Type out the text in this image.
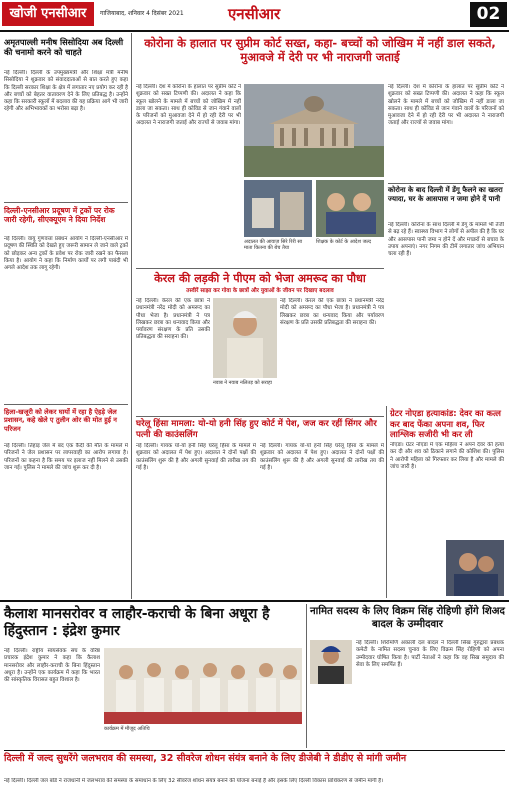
खोजी एनसीआर	गाजियाबाद, शनिवार 4 दिसंबर 2021	एनसीआर	02
अमृतपाल्ली मनीष सिसोदिया अब दिल्ली की चनामो करने को चाहते
नई दिल्ली। दिल्ली के उपमुख्यमंत्री और शिक्षा मंत्री मनीष सिसोदिया ने शुक्रवार को संवाददाताओं से बात करते हुए कहा कि दिल्ली सरकार शिक्षा के क्षेत्र में लगातार नए प्रयोग कर रही है और बच्चों को बेहतर वातावरण देने के लिए प्रतिबद्ध है। उन्होंने कहा कि सरकारी स्कूलों में बदलाव की यह प्रक्रिया आगे भी जारी रहेगी और अभिभावकों का भरोसा बढ़ा है।
दिल्ली-एनसीआर प्रदूषण में ट्रकों पर रोक जारी रहेगी, सीएक्यूएम ने दिया निर्देश
नई दिल्ली। वायु गुणवत्ता प्रबंधन आयोग ने दिल्ली-एनसीआर में प्रदूषण की स्थिति को देखते हुए जरूरी सामान ले जाने वाले ट्रकों को छोड़कर अन्य ट्रकों के प्रवेश पर रोक जारी रखने का फैसला किया है। आयोग ने कहा कि निर्माण कार्यों पर लगी पाबंदी भी अगले आदेश तक लागू रहेगी।
हिला-खजूरी को लेकर घायों में रहा है ऐहड़े जेल प्रशासन, कहे खेले ए तुलीन ओर की मोत हुई न परिजन
नई दिल्ली। तिहाड़ जेल में बंद एक कैदी की मौत के मामले में परिजनों ने जेल प्रशासन पर लापरवाही का आरोप लगाया है। परिजनों का कहना है कि समय पर इलाज नहीं मिलने से उसकी जान गई। पुलिस ने मामले की जांच शुरू कर दी है।
कोरोना के हालात पर सुप्रीम कोर्ट सख्त, कहा- बच्चों को जोखिम में नहीं डाल सकते, मुआवजे में देरी पर भी नाराजगी जताई
नई दिल्ली। देश में कोरोना के हालात पर सुप्रीम कोर्ट ने शुक्रवार को सख्त टिप्पणी की। अदालत ने कहा कि स्कूल खोलने के मामले में बच्चों को जोखिम में नहीं डाला जा सकता। साथ ही कोविड से जान गंवाने वालों के परिजनों को मुआवजा देने में हो रही देरी पर भी अदालत ने नाराजगी जताई और राज्यों से जवाब मांगा।
अदालत की आवाज़ सिरे रिरी सा माता कितना की बेच तैया
शिक्षक के कोर्ट के आदेश जल्द
नई दिल्ली। देश में कोरोना के हालात पर सुप्रीम कोर्ट ने शुक्रवार को सख्त टिप्पणी की। अदालत ने कहा कि स्कूल खोलने के मामले में बच्चों को जोखिम में नहीं डाला जा सकता। साथ ही कोविड से जान गंवाने वालों के परिजनों को मुआवजा देने में हो रही देरी पर भी अदालत ने नाराजगी जताई और राज्यों से जवाब मांगा।
कोरोना के बाद दिल्ली में डेंगू फैलने का खतरा ज्यादा, घर के आसपास न जमा होने दें पानी
नई दिल्ली। कोरोना के साथ दिल्ली में डेंगू के मामले भी तेजी से बढ़ रहे हैं। स्वास्थ्य विभाग ने लोगों से अपील की है कि घर और आसपास पानी जमा न होने दें और मच्छरों से बचाव के उपाय अपनाएं। नगर निगम की टीमें लगातार जांच अभियान चला रही हैं।
केरल की लड़की ने पीएम को भेजा अमरूद का पौधा
तस्वीरें साझा कर गोवा के छात्रों और युवाओं के जीवन पर दिखाए बदलाव
नई दिल्ली। केरल की एक छात्रा ने प्रधानमंत्री नरेंद्र मोदी को अमरूद का पौधा भेजा है। प्रधानमंत्री ने पत्र लिखकर छात्रा का धन्यवाद किया और पर्यावरण संरक्षण के प्रति उसकी प्रतिबद्धता की सराहना की।
नवाब ने नवाब नलितड़ को सराहा
नई दिल्ली। केरल की एक छात्रा ने प्रधानमंत्री नरेंद्र मोदी को अमरूद का पौधा भेजा है। प्रधानमंत्री ने पत्र लिखकर छात्रा का धन्यवाद किया और पर्यावरण संरक्षण के प्रति उसकी प्रतिबद्धता की सराहना की।
घरेलू हिंसा मामला: यो-यो हनी सिंह हुए कोर्ट में पेश, जज कर रहीं सिंगर और पत्नी की काउंसलिंग
नई दिल्ली। गायक यो-यो हनी सिंह घरेलू हिंसा के मामले में शुक्रवार को अदालत में पेश हुए। अदालत ने दोनों पक्षों की काउंसलिंग शुरू की है और अगली सुनवाई की तारीख तय की गई है।
नई दिल्ली। गायक यो-यो हनी सिंह घरेलू हिंसा के मामले में शुक्रवार को अदालत में पेश हुए। अदालत ने दोनों पक्षों की काउंसलिंग शुरू की है और अगली सुनवाई की तारीख तय की गई है।
ग्रेटर नोएडा हत्याकांड: देवर का कत्ल कर बाद फेंका अपना शव, फिर लाश्लिक सजीरी भी कर ली
नोएडा। ग्रेटर नोएडा में एक महिला ने अपने देवर की हत्या कर दी और शव को ठिकाने लगाने की कोशिश की। पुलिस ने आरोपी महिला को गिरफ्तार कर लिया है और मामले की जांच जारी है।
कैलाश मानसरोवर व लाहौर-कराची के बिना अधूरा है हिंदुस्तान : इंद्रेश कुमार
नई दिल्ली। राष्ट्रीय स्वयंसेवक संघ के वरिष्ठ प्रचारक इंद्रेश कुमार ने कहा कि कैलाश मानसरोवर और लाहौर-कराची के बिना हिंदुस्तान अधूरा है। उन्होंने एक कार्यक्रम में कहा कि भारत की सांस्कृतिक विरासत बहुत विशाल है।
कार्यक्रम में मौजूद अतिथि
नामित सदस्य के लिए विक्रम सिंह रोहिणी होंगे शिअद बादल के उम्मीदवार
नई दिल्ली। शिरोमणि अकाली दल बादल ने दिल्ली सिख गुरुद्वारा प्रबंधक कमेटी के नामित सदस्य चुनाव के लिए विक्रम सिंह रोहिणी को अपना उम्मीदवार घोषित किया है। पार्टी नेताओं ने कहा कि वह सिख समुदाय की सेवा के लिए समर्पित हैं।
दिल्ली में जल्द सुधरेंगे जलभराव की समस्या, 32 सीवरेज शोधन संयंत्र बनाने के लिए डीजेबी ने डीडीए से मांगी जमीन
नई दिल्ली। दिल्ली जल बोर्ड ने राजधानी में जलभराव की समस्या के समाधान के लिए 32 सीवरेज शोधन संयंत्र बनाने की योजना बनाई है और इसके लिए दिल्ली विकास प्राधिकरण से जमीन मांगी है।
